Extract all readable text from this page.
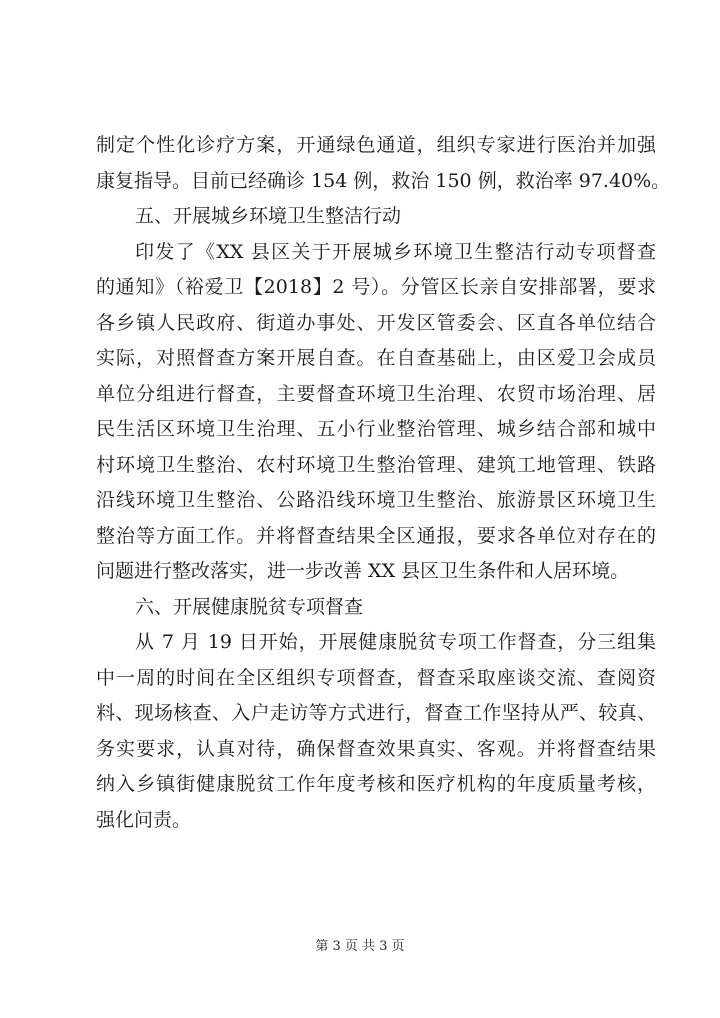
制定个性化诊疗方案，开通绿色通道，组织专家进行医治并加强
康复指导。目前已经确诊 154 例，救治 150 例，救治率 97.40%。
五、开展城乡环境卫生整洁行动
印发了《XX 县区关于开展城乡环境卫生整洁行动专项督查
的通知》（裕爱卫【2018】2 号）。分管区长亲自安排部署，要求
各乡镇人民政府、街道办事处、开发区管委会、区直各单位结合
实际，对照督查方案开展自查。在自查基础上，由区爱卫会成员
单位分组进行督查，主要督查环境卫生治理、农贸市场治理、居
民生活区环境卫生治理、五小行业整治管理、城乡结合部和城中
村环境卫生整治、农村环境卫生整治管理、建筑工地管理、铁路
沿线环境卫生整治、公路沿线环境卫生整治、旅游景区环境卫生
整治等方面工作。并将督查结果全区通报，要求各单位对存在的
问题进行整改落实，进一步改善 XX 县区卫生条件和人居环境。
六、开展健康脱贫专项督查
从 7 月 19 日开始，开展健康脱贫专项工作督查，分三组集
中一周的时间在全区组织专项督查，督查采取座谈交流、查阅资
料、现场核查、入户走访等方式进行，督查工作坚持从严、较真、
务实要求，认真对待，确保督查效果真实、客观。并将督查结果
纳入乡镇街健康脱贫工作年度考核和医疗机构的年度质量考核，
强化问责。
第 3 页 共 3 页
